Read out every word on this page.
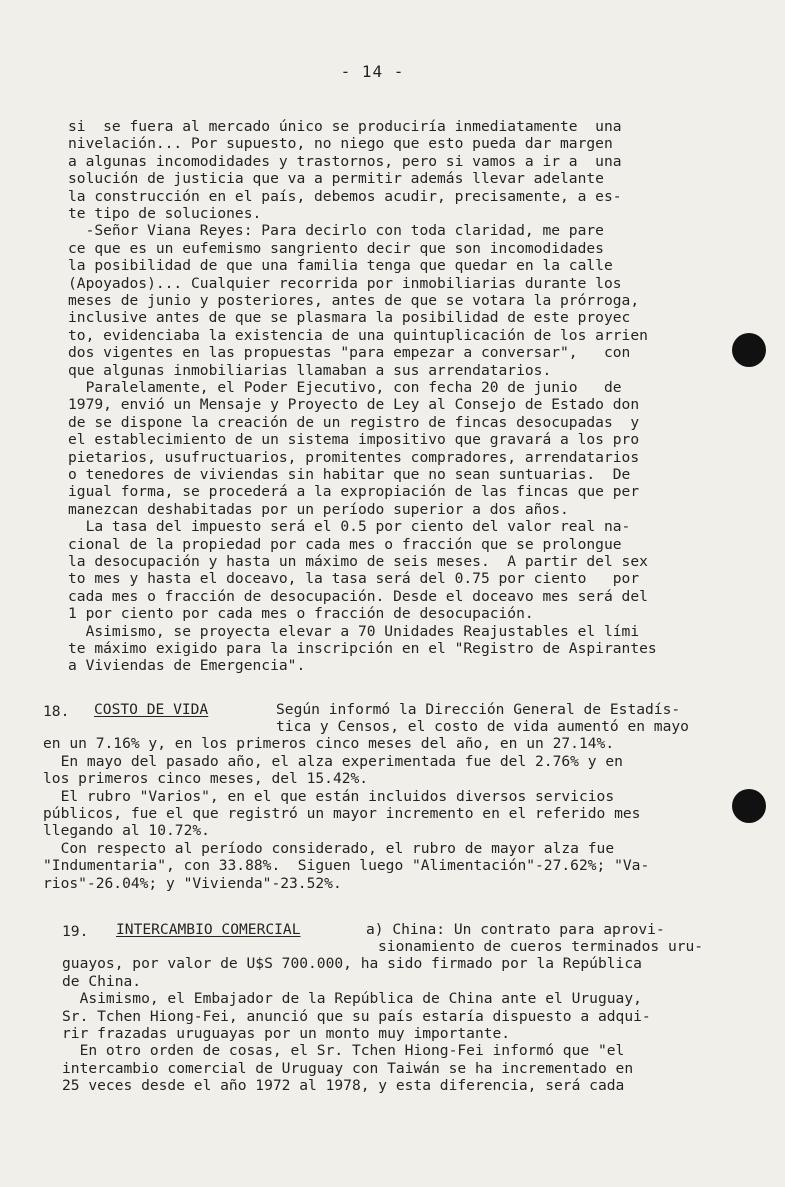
- 14 -
si  se fuera al mercado único se produciría inmediatamente  una
nivelación... Por supuesto, no niego que esto pueda dar margen
a algunas incomodidades y trastornos, pero si vamos a ir a  una
solución de justicia que va a permitir además llevar adelante
la construcción en el país, debemos acudir, precisamente, a es-
te tipo de soluciones.
-Señor Viana Reyes: Para decirlo con toda claridad, me pare
ce que es un eufemismo sangriento decir que son incomodidades
la posibilidad de que una familia tenga que quedar en la calle
(Apoyados)... Cualquier recorrida por inmobiliarias durante los
meses de junio y posteriores, antes de que se votara la prórroga,
inclusive antes de que se plasmara la posibilidad de este proyec
to, evidenciaba la existencia de una quintuplicación de los arrien
dos vigentes en las propuestas "para empezar a conversar",   con
que algunas inmobiliarias llamaban a sus arrendatarios.
Paralelamente, el Poder Ejecutivo, con fecha 20 de junio   de
1979, envió un Mensaje y Proyecto de Ley al Consejo de Estado don
de se dispone la creación de un registro de fincas desocupadas  y
el establecimiento de un sistema impositivo que gravará a los pro
pietarios, usufructuarios, promitentes compradores, arrendatarios
o tenedores de viviendas sin habitar que no sean suntuarias.  De
igual forma, se procederá a la expropiación de las fincas que per
manezcan deshabitadas por un período superior a dos años.
La tasa del impuesto será el 0.5 por ciento del valor real na-
cional de la propiedad por cada mes o fracción que se prolongue
la desocupación y hasta un máximo de seis meses.  A partir del sex
to mes y hasta el doceavo, la tasa será del 0.75 por ciento   por
cada mes o fracción de desocupación. Desde el doceavo mes será del
1 por ciento por cada mes o fracción de desocupación.
Asimismo, se proyecta elevar a 70 Unidades Reajustables el lími
te máximo exigido para la inscripción en el "Registro de Aspirantes
a Viviendas de Emergencia".
18. COSTO DE VIDA	Según informó la Dirección General de Estadís-
tica y Censos, el costo de vida aumentó en mayo
en un 7.16% y, en los primeros cinco meses del año, en un 27.14%.
En mayo del pasado año, el alza experimentada fue del 2.76% y en
los primeros cinco meses, del 15.42%.
El rubro "Varios", en el que están incluidos diversos servicios
públicos, fue el que registró un mayor incremento en el referido mes
llegando al 10.72%.
Con respecto al período considerado, el rubro de mayor alza fue
"Indumentaria", con 33.88%.  Siguen luego "Alimentación"-27.62%; "Va-
rios"-26.04%; y "Vivienda"-23.52%.
19. INTERCAMBIO COMERCIAL	a) China: Un contrato para aprovi-
sionamiento de cueros terminados uru-
guayos, por valor de U$S 700.000, ha sido firmado por la República
de China.
Asimismo, el Embajador de la República de China ante el Uruguay,
Sr. Tchen Hiong-Fei, anunció que su país estaría dispuesto a adqui-
rir frazadas uruguayas por un monto muy importante.
En otro orden de cosas, el Sr. Tchen Hiong-Fei informó que "el
intercambio comercial de Uruguay con Taiwán se ha incrementado en
25 veces desde el año 1972 al 1978, y esta diferencia, será cada
